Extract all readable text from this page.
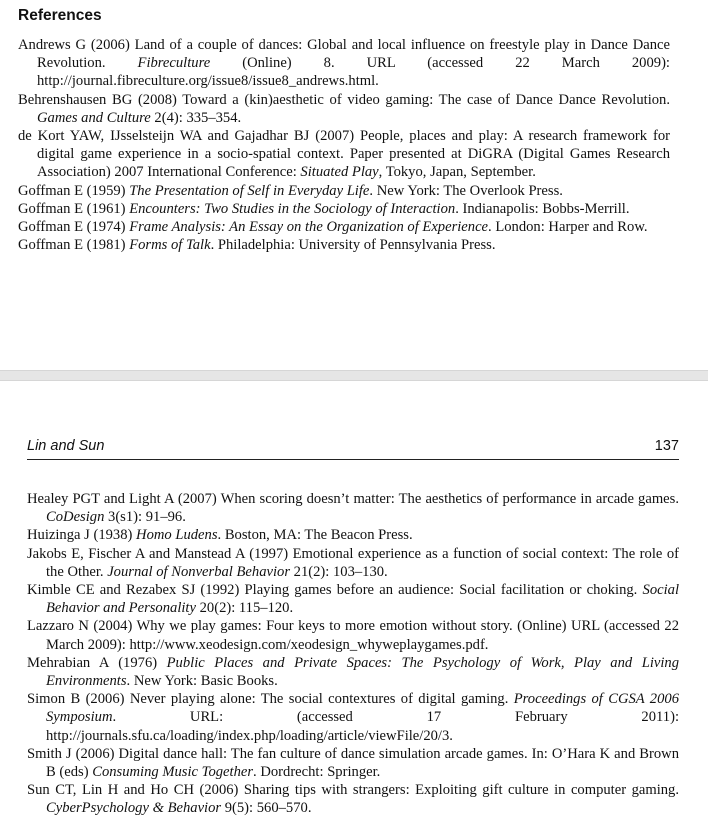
References
Andrews G (2006) Land of a couple of dances: Global and local influence on freestyle play in Dance Dance Revolution. Fibreculture (Online) 8. URL (accessed 22 March 2009): http://journal.fibreculture.org/issue8/issue8_andrews.html.
Behrenshausen BG (2008) Toward a (kin)aesthetic of video gaming: The case of Dance Dance Revolution. Games and Culture 2(4): 335–354.
de Kort YAW, IJsselsteijn WA and Gajadhar BJ (2007) People, places and play: A research framework for digital game experience in a socio-spatial context. Paper presented at DiGRA (Digital Games Research Association) 2007 International Conference: Situated Play, Tokyo, Japan, September.
Goffman E (1959) The Presentation of Self in Everyday Life. New York: The Overlook Press.
Goffman E (1961) Encounters: Two Studies in the Sociology of Interaction. Indianapolis: Bobbs-Merrill.
Goffman E (1974) Frame Analysis: An Essay on the Organization of Experience. London: Harper and Row.
Goffman E (1981) Forms of Talk. Philadelphia: University of Pennsylvania Press.
Lin and Sun	137
Healey PGT and Light A (2007) When scoring doesn’t matter: The aesthetics of performance in arcade games. CoDesign 3(s1): 91–96.
Huizinga J (1938) Homo Ludens. Boston, MA: The Beacon Press.
Jakobs E, Fischer A and Manstead A (1997) Emotional experience as a function of social context: The role of the Other. Journal of Nonverbal Behavior 21(2): 103–130.
Kimble CE and Rezabex SJ (1992) Playing games before an audience: Social facilitation or choking. Social Behavior and Personality 20(2): 115–120.
Lazzaro N (2004) Why we play games: Four keys to more emotion without story. (Online) URL (accessed 22 March 2009): http://www.xeodesign.com/xeodesign_whyweplaygames.pdf.
Mehrabian A (1976) Public Places and Private Spaces: The Psychology of Work, Play and Living Environments. New York: Basic Books.
Simon B (2006) Never playing alone: The social contextures of digital gaming. Proceedings of CGSA 2006 Symposium. URL: (accessed 17 February 2011): http://journals.sfu.ca/loading/index.php/loading/article/viewFile/20/3.
Smith J (2006) Digital dance hall: The fan culture of dance simulation arcade games. In: O’Hara K and Brown B (eds) Consuming Music Together. Dordrecht: Springer.
Sun CT, Lin H and Ho CH (2006) Sharing tips with strangers: Exploiting gift culture in computer gaming. CyberPsychology & Behavior 9(5): 560–570.
